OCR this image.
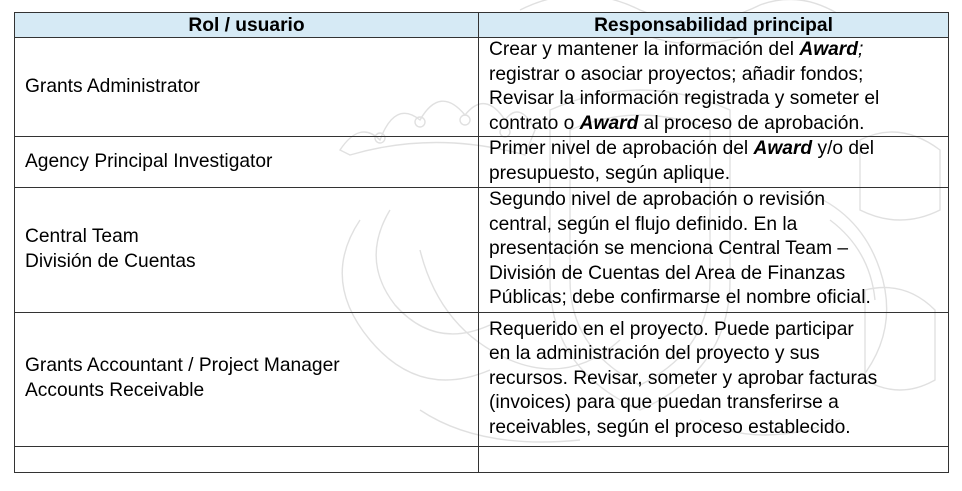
Rol / usuario	Responsabilidad principal

Grants Administrator	Crear y mantener la información del Award;
registrar o asociar proyectos; añadir fondos;
Revisar la información registrada y someter el
contrato o Award al proceso de aprobación.

Agency Principal Investigator	Primer nivel de aprobación del Award y/o del
presupuesto, según aplique.

Central Team
División de Cuentas	Segundo nivel de aprobación o revisión
central, según el flujo definido. En la
presentación se menciona Central Team –
División de Cuentas del Area de Finanzas
Públicas; debe confirmarse el nombre oficial.

Grants Accountant / Project Manager
Accounts Receivable	Requerido en el proyecto. Puede participar
en la administración del proyecto y sus
recursos. Revisar, someter y aprobar facturas
(invoices) para que puedan transferirse a
receivables, según el proceso establecido.
